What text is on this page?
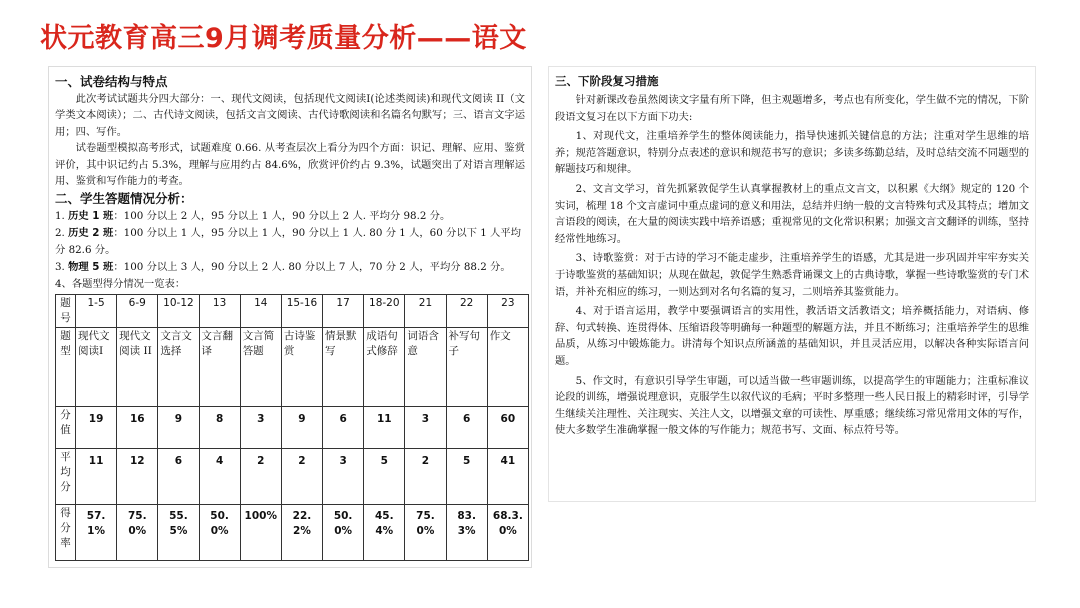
状元教育高三9月调考质量分析——语文
一、试卷结构与特点
此次考试试题共分四大部分：一、现代文阅读，包括现代文阅读Ⅰ(论述类阅读)和现代文阅读 II（文学类文本阅读）；二、古代诗文阅读，包括文言文阅读、古代诗歌阅读和名篇名句默写；三、语言文字运用；四、写作。
试卷题型模拟高考形式，试题难度 0.66. 从考查层次上看分为四个方面：识记、理解、应用、鉴赏评价，其中识记约占 5.3%，理解与应用约占 84.6%，欣赏评价约占 9.3%，试题突出了对语言理解运用、鉴赏和写作能力的考查。
二、学生答题情况分析：
1. 历史 1 班：100 分以上 2 人，95 分以上 1 人，90 分以上 2 人. 平均分 98.2 分。
2. 历史 2 班：100 分以上 1 人，95 分以上 1 人，90 分以上 1 人. 80 分 1 人，60 分以下 1 人平均分 82.6 分。
3. 物理 5 班：100 分以上 3 人，90 分以上 2 人. 80 分以上 7 人，70 分 2 人，平均分 88.2 分。
4、各题型得分情况一览表：
题号	1-5	6-9	10-12	13	14	15-16	17	18-20	21	22	23
题型	现代文阅读Ⅰ	现代文阅读 II	文言文选择	文言翻译	文言简答题	古诗鉴赏	情景默写	成语句式修辞	词语含意	补写句子	作文
分值	19	16	9	8	3	9	6	11	3	6	60
平均分	11	12	6	4	2	2	3	5	2	5	41
得分率	57.1%	75.0%	55.5%	50.0%	100%	22.2%	50.0%	45.4%	75.0%	83.3%	68.3.0%
三、下阶段复习措施
针对新课改卷虽然阅读文字量有所下降，但主观题增多，考点也有所变化，学生做不完的情况，下阶段语文复习在以下方面下功夫:
1、对现代文，注重培养学生的整体阅读能力，指导快速抓关键信息的方法；注重对学生思维的培养；规范答题意识，特别分点表述的意识和规范书写的意识；多读多练勤总结，及时总结交流不同题型的解题技巧和规律。
2、文言文学习，首先抓紧敦促学生认真掌握教材上的重点文言文，以积累《大纲》规定的 120 个实词，梳理 18 个文言虚词中重点虚词的意义和用法，总结并归纳一般的文言特殊句式及其特点；增加文言语段的阅读，在大量的阅读实践中培养语感；重视常见的文化常识积累；加强文言文翻译的训练，坚持经常性地练习。
3、诗歌鉴赏：对于古诗的学习不能走虚步，注重培养学生的语感，尤其是进一步巩固并牢牢夯实关于诗歌鉴赏的基础知识；从现在做起，敦促学生熟悉背诵课文上的古典诗歌，掌握一些诗歌鉴赏的专门术语，并补充相应的练习，一则达到对名句名篇的复习，二则培养其鉴赏能力。
4、对于语言运用，教学中要强调语言的实用性，教活语文活教语文；培养概括能力，对语病、修辞、句式转换、连贯得体、压缩语段等明确每一种题型的解题方法，并且不断练习；注重培养学生的思维品质，从练习中锻炼能力。讲清每个知识点所涵盖的基础知识，并且灵活应用，以解决各种实际语言问题。
5、作文时，有意识引导学生审题，可以适当做一些审题训练，以提高学生的审题能力；注重标准议论段的训练，增强说理意识，克服学生以叙代议的毛病；平时多整理一些人民日报上的精彩时评，引导学生继续关注理性、关注现实、关注人文，以增强文章的可读性、厚重感；继续练习常见常用文体的写作，使大多数学生准确掌握一般文体的写作能力；规范书写、文面、标点符号等。
